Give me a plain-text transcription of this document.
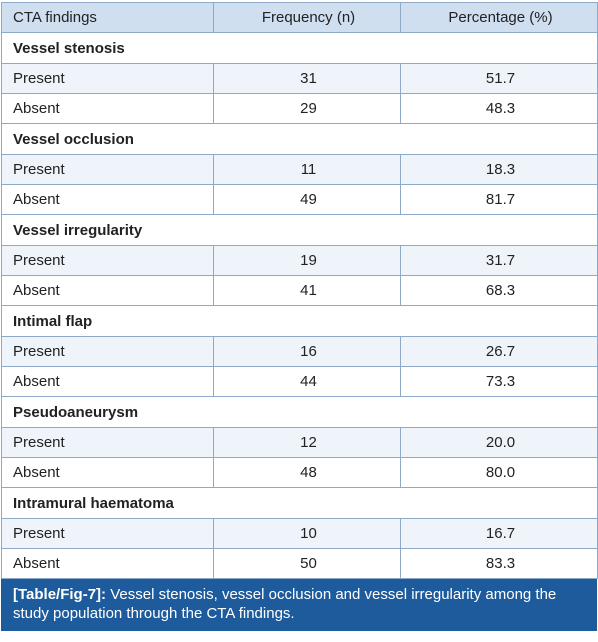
CTA findings	Frequency (n)	Percentage (%)
Vessel stenosis		
Present	31	51.7
Absent	29	48.3
Vessel occlusion		
Present	11	18.3
Absent	49	81.7
Vessel irregularity		
Present	19	31.7
Absent	41	68.3
Intimal flap		
Present	16	26.7
Absent	44	73.3
Pseudoaneurysm		
Present	12	20.0
Absent	48	80.0
Intramural haematoma		
Present	10	16.7
Absent	50	83.3
[Table/Fig-7]: Vessel stenosis, vessel occlusion and vessel irregularity among the study population through the CTA findings.
